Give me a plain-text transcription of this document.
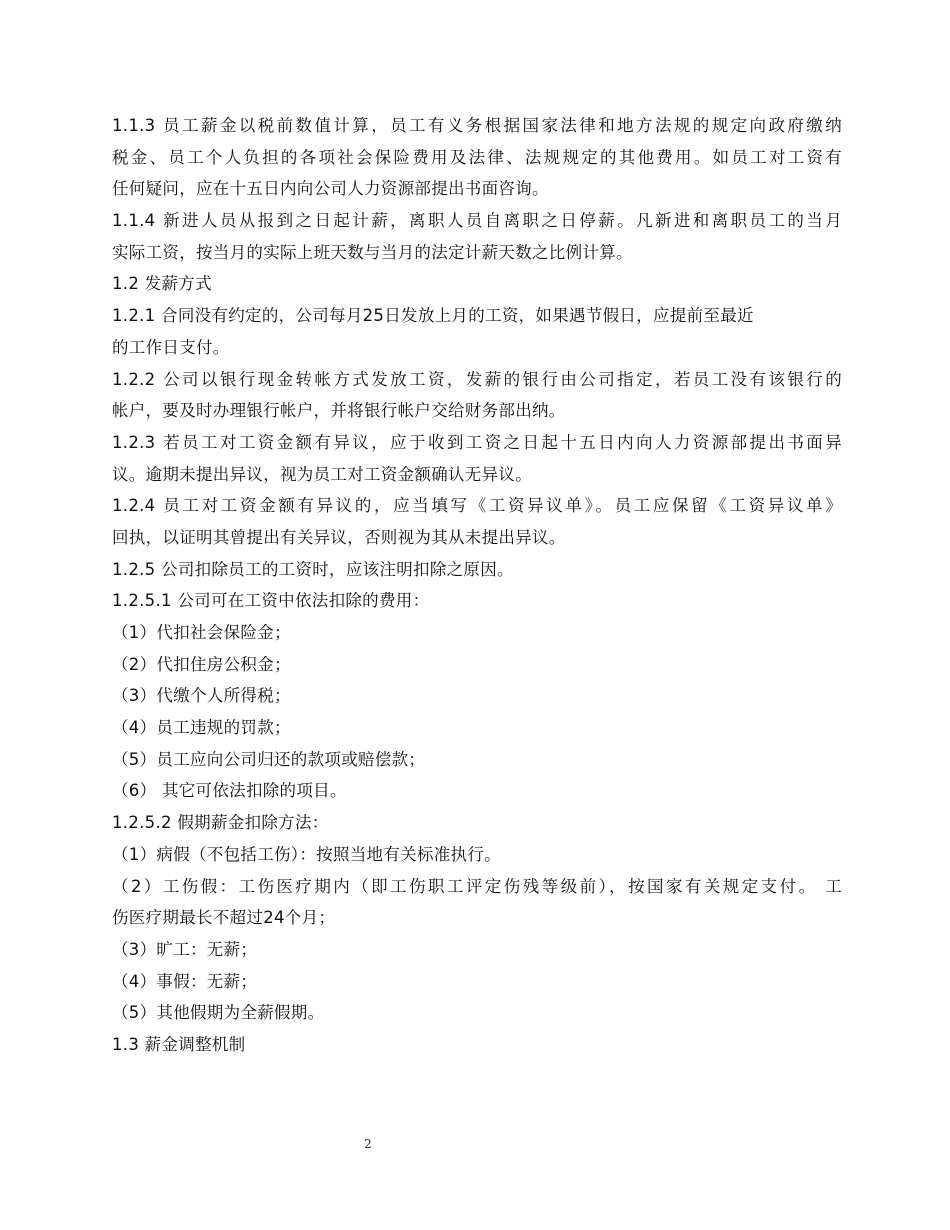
1.1.3 员工薪金以税前数值计算，员工有义务根据国家法律和地方法规的规定向政府缴纳
税金、员工个人负担的各项社会保险费用及法律、法规规定的其他费用。如员工对工资有
任何疑问，应在十五日内向公司人力资源部提出书面咨询。
1.1.4 新进人员从报到之日起计薪，离职人员自离职之日停薪。凡新进和离职员工的当月
实际工资，按当月的实际上班天数与当月的法定计薪天数之比例计算。
1.2 发薪方式
1.2.1 合同没有约定的，公司每月25日发放上月的工资，如果遇节假日，应提前至最近
的工作日支付。
1.2.2 公司以银行现金转帐方式发放工资，发薪的银行由公司指定，若员工没有该银行的
帐户，要及时办理银行帐户，并将银行帐户交给财务部出纳。
1.2.3 若员工对工资金额有异议，应于收到工资之日起十五日内向人力资源部提出书面异
议。逾期未提出异议，视为员工对工资金额确认无异议。
1.2.4 员工对工资金额有异议的，应当填写《工资异议单》。员工应保留《工资异议单》
回执，以证明其曾提出有关异议，否则视为其从未提出异议。
1.2.5 公司扣除员工的工资时，应该注明扣除之原因。
1.2.5.1 公司可在工资中依法扣除的费用：
（1）代扣社会保险金；
（2）代扣住房公积金；
（3）代缴个人所得税；
（4）员工违规的罚款；
（5）员工应向公司归还的款项或赔偿款；
（6） 其它可依法扣除的项目。
1.2.5.2 假期薪金扣除方法：
（1）病假（不包括工伤）：按照当地有关标准执行。
（2）工伤假：工伤医疗期内（即工伤职工评定伤残等级前），按国家有关规定支付。 工
伤医疗期最长不超过24个月；
（3）旷工：无薪；
（4）事假：无薪；
（5）其他假期为全薪假期。
1.3 薪金调整机制
2
